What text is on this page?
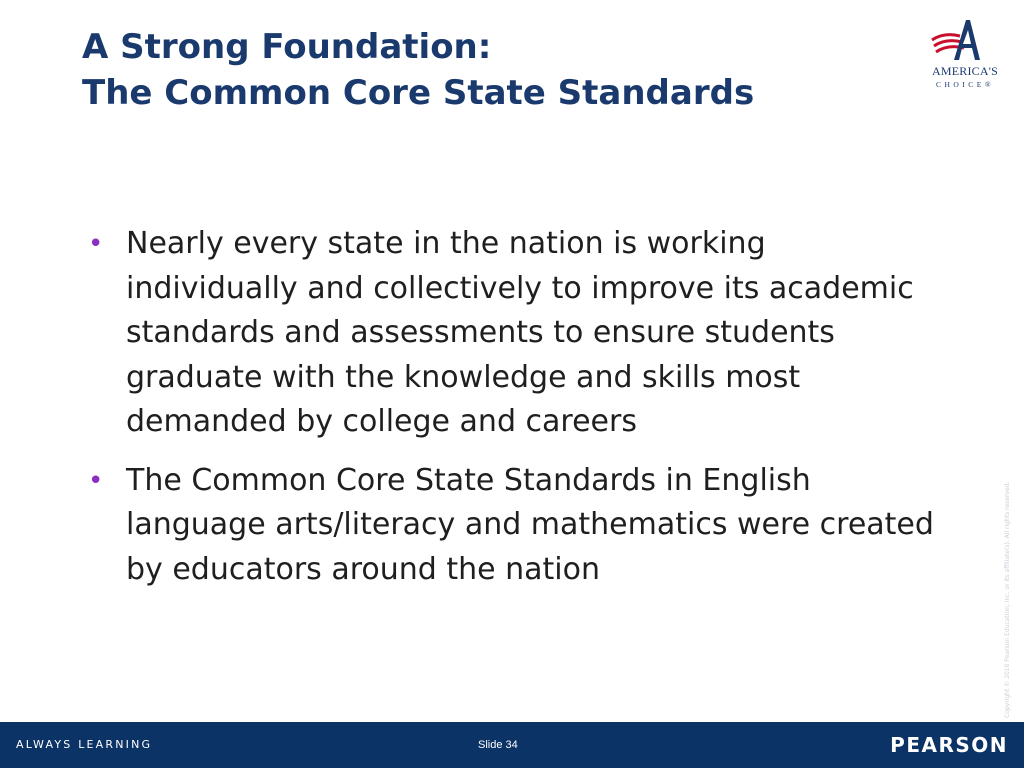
A Strong Foundation:
The Common Core State Standards
AMERICA'S
CHOICE®
• Nearly every state in the nation is working individually and collectively to improve its academic standards and assessments to ensure students graduate with the knowledge and skills most demanded by college and careers
• The Common Core State Standards in English language arts/literacy and mathematics were created by educators around the nation	Copyright © 2010 Pearson Education, Inc. or its affiliate(s). All rights reserved.
ALWAYS LEARNING	Slide 34	PEARSON
